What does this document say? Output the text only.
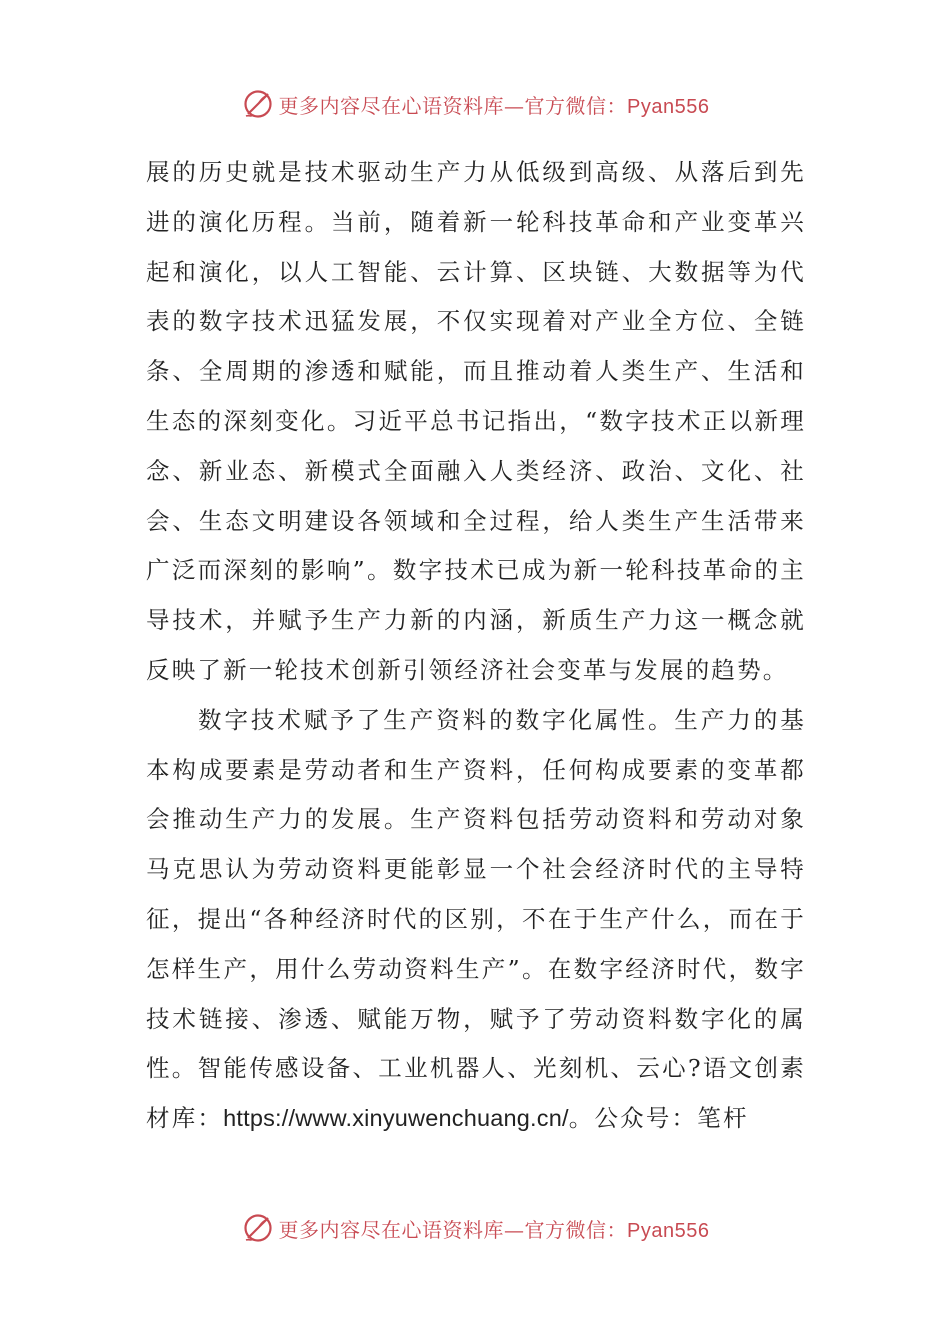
更多内容尽在心语资料库—官方微信：Pyan556

展的历史就是技术驱动生产力从低级到高级、从落后到先进的演化历程。当前，随着新一轮科技革命和产业变革兴起和演化，以人工智能、云计算、区块链、大数据等为代表的数字技术迅猛发展，不仅实现着对产业全方位、全链条、全周期的渗透和赋能，而且推动着人类生产、生活和生态的深刻变化。习近平总书记指出，“数字技术正以新理念、新业态、新模式全面融入人类经济、政治、文化、社会、生态文明建设各领域和全过程，给人类生产生活带来广泛而深刻的影响”。数字技术已成为新一轮科技革命的主导技术，并赋予生产力新的内涵，新质生产力这一概念就反映了新一轮技术创新引领经济社会变革与发展的趋势。

数字技术赋予了生产资料的数字化属性。生产力的基本构成要素是劳动者和生产资料，任何构成要素的变革都会推动生产力的发展。生产资料包括劳动资料和劳动对象马克思认为劳动资料更能彰显一个社会经济时代的主导特征，提出“各种经济时代的区别，不在于生产什么，而在于怎样生产，用什么劳动资料生产”。在数字经济时代，数字技术链接、渗透、赋能万物，赋予了劳动资料数字化的属性。智能传感设备、工业机器人、光刻机、云心?语文创素材库：https://www.xinyuwenchuang.cn/。公众号：笔杆

更多内容尽在心语资料库—官方微信：Pyan556
